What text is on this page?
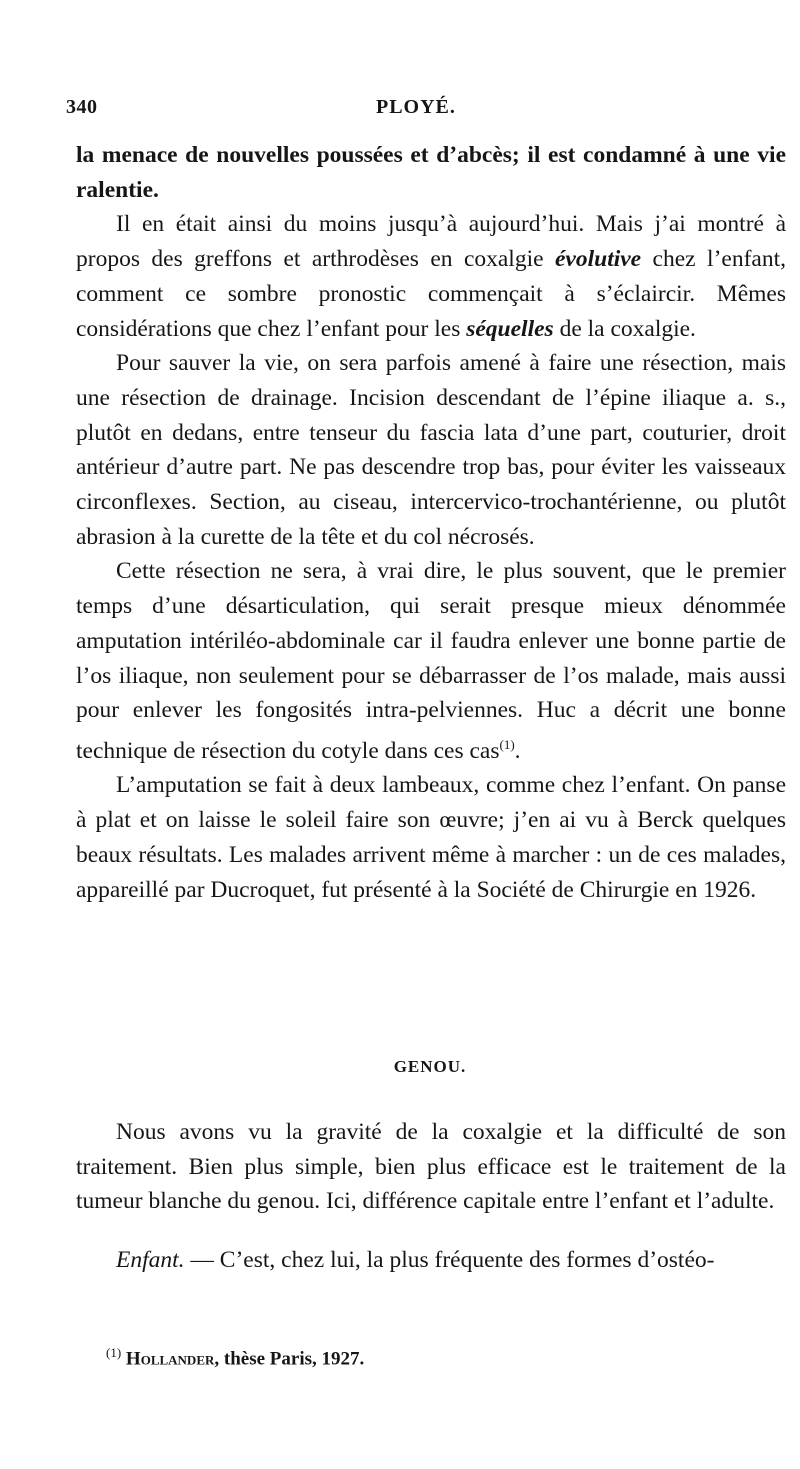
340	PLOYÉ.

la menace de nouvelles poussées et d’abcès; il est condamné à une vie ralentie.

Il en était ainsi du moins jusqu’à aujourd’hui. Mais j’ai montré à propos des greffons et arthrodèses en coxalgie évolutive chez l’enfant, comment ce sombre pronostic commençait à s’éclaircir. Mêmes considérations que chez l’enfant pour les séquelles de la coxalgie.

Pour sauver la vie, on sera parfois amené à faire une résection, mais une résection de drainage. Incision descendant de l’épine iliaque a. s., plutôt en dedans, entre tenseur du fascia lata d’une part, couturier, droit antérieur d’autre part. Ne pas descendre trop bas, pour éviter les vaisseaux circonflexes. Section, au ciseau, intercervico-trochantérienne, ou plutôt abrasion à la curette de la tête et du col nécrosés.

Cette résection ne sera, à vrai dire, le plus souvent, que le premier temps d’une désarticulation, qui serait presque mieux dénommée amputation intériléo-abdominale car il faudra enlever une bonne partie de l’os iliaque, non seulement pour se débarrasser de l’os malade, mais aussi pour enlever les fongosités intra-pelviennes. Huc a décrit une bonne technique de résection du cotyle dans ces cas$^{(1)}$.

L’amputation se fait à deux lambeaux, comme chez l’enfant. On panse à plat et on laisse le soleil faire son œuvre; j’en ai vu à Berck quelques beaux résultats. Les malades arrivent même à marcher : un de ces malades, appareillé par Ducroquet, fut présenté à la Société de Chirurgie en 1926.

GENOU.

Nous avons vu la gravité de la coxalgie et la difficulté de son traitement. Bien plus simple, bien plus efficace est le traitement de la tumeur blanche du genou. Ici, différence capitale entre l’enfant et l’adulte.

Enfant. — C’est, chez lui, la plus fréquente des formes d’ostéo-

$^{(1)}$ Hollander, thèse Paris, 1927.
